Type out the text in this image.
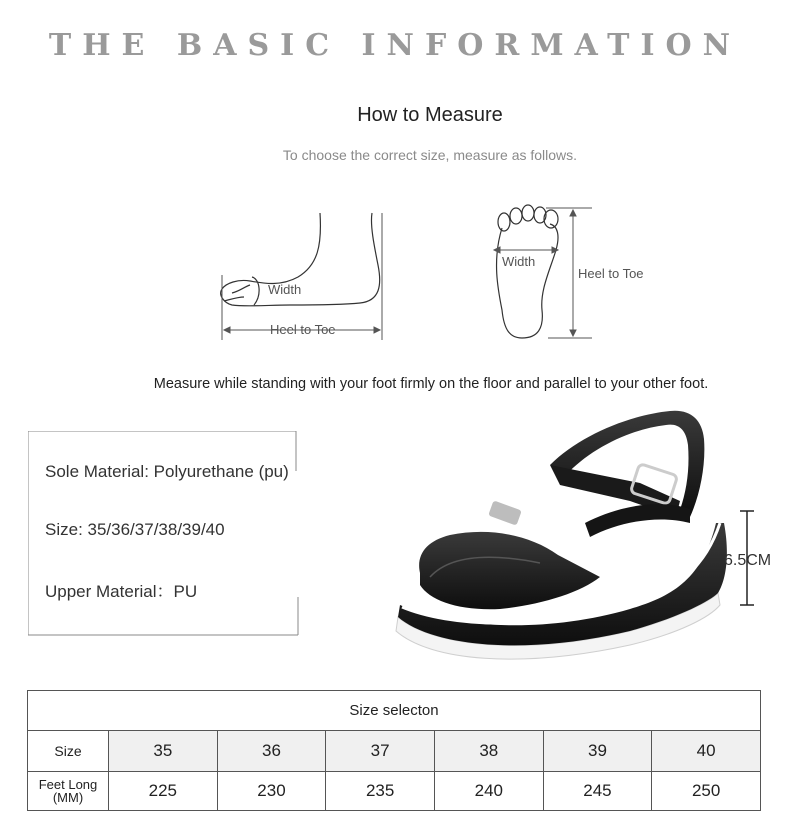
THE BASIC INFORMATION
How to Measure
To choose the correct size, measure as follows.
Width
Heel to Toe
Width
Heel to Toe
Measure while standing with your foot firmly on the floor and parallel to your other foot.
Sole Material: Polyurethane (pu)
Size: 35/36/37/38/39/40
Upper Material：PU
6.5CM
Size selecton						
Size	35	36	37	38	39	40
Feet Long
(MM)	225	230	235	240	245	250
